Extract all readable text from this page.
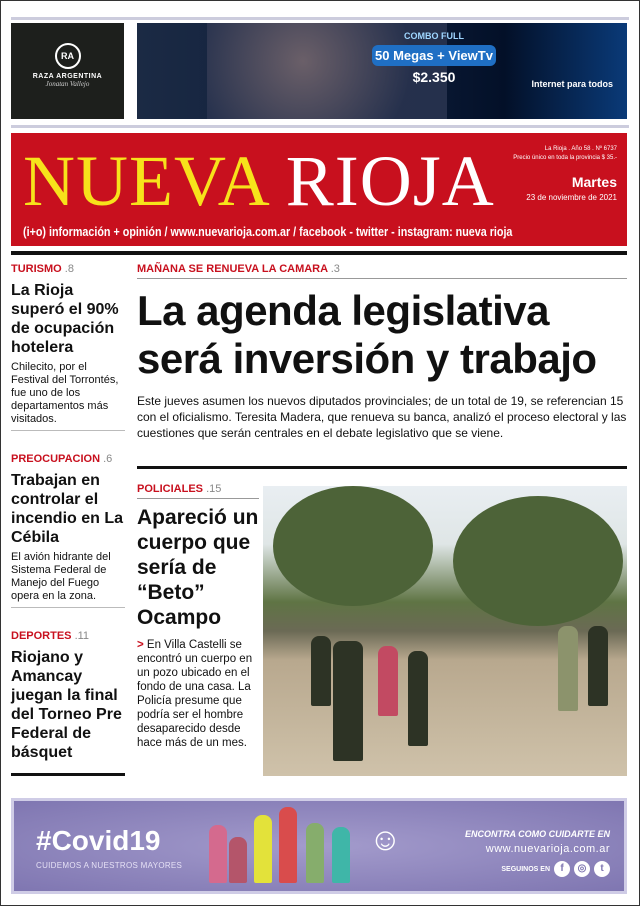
RA
RAZA ARGENTINA
Jonatan Vallejo
COMBO FULL
50 Megas + ViewTv
$2.350	Internet para todos
NUEVA RIOJA	La Rioja . Año 58 . Nº 6737
Precio único en toda la provincia $ 35.-
Martes
23 de noviembre de 2021
(i+o) información + opinión / www.nuevarioja.com.ar / facebook - twitter - instagram: nueva rioja
TURISMO .8
La Rioja superó el 90% de ocupación hotelera

Chilecito, por el Festival del Torrontés, fue uno de los departamentos más visitados.

PREOCUPACION .6
Trabajan en controlar el incendio en La Cébila

El avión hidrante del Sistema Federal de Manejo del Fuego opera en la zona.

DEPORTES .11
Riojano y Amancay juegan la final del Torneo Pre Federal de básquet
MAÑANA SE RENUEVA LA CAMARA .3
La agenda legislativa será inversión y trabajo

Este jueves asumen los nuevos diputados provinciales; de un total de 19, se referencian 15 con el oficialismo. Teresita Madera, que renueva su banca, analizó el proceso electoral y las cuestiones que serán centrales en el debate legislativo que se viene.

POLICIALES .15
Apareció un cuerpo que sería de “Beto” Ocampo

> En Villa Castelli se encontró un cuerpo en un pozo ubicado en el fondo de una casa. La Policía presume que podría ser el hombre desaparecido desde hace más de un mes.

#Covid19
CUIDEMOS A NUESTROS MAYORES
☺	ENCONTRA COMO CUIDARTE EN
www.nuevarioja.com.ar
SEGUINOS EN	f	◎	t
